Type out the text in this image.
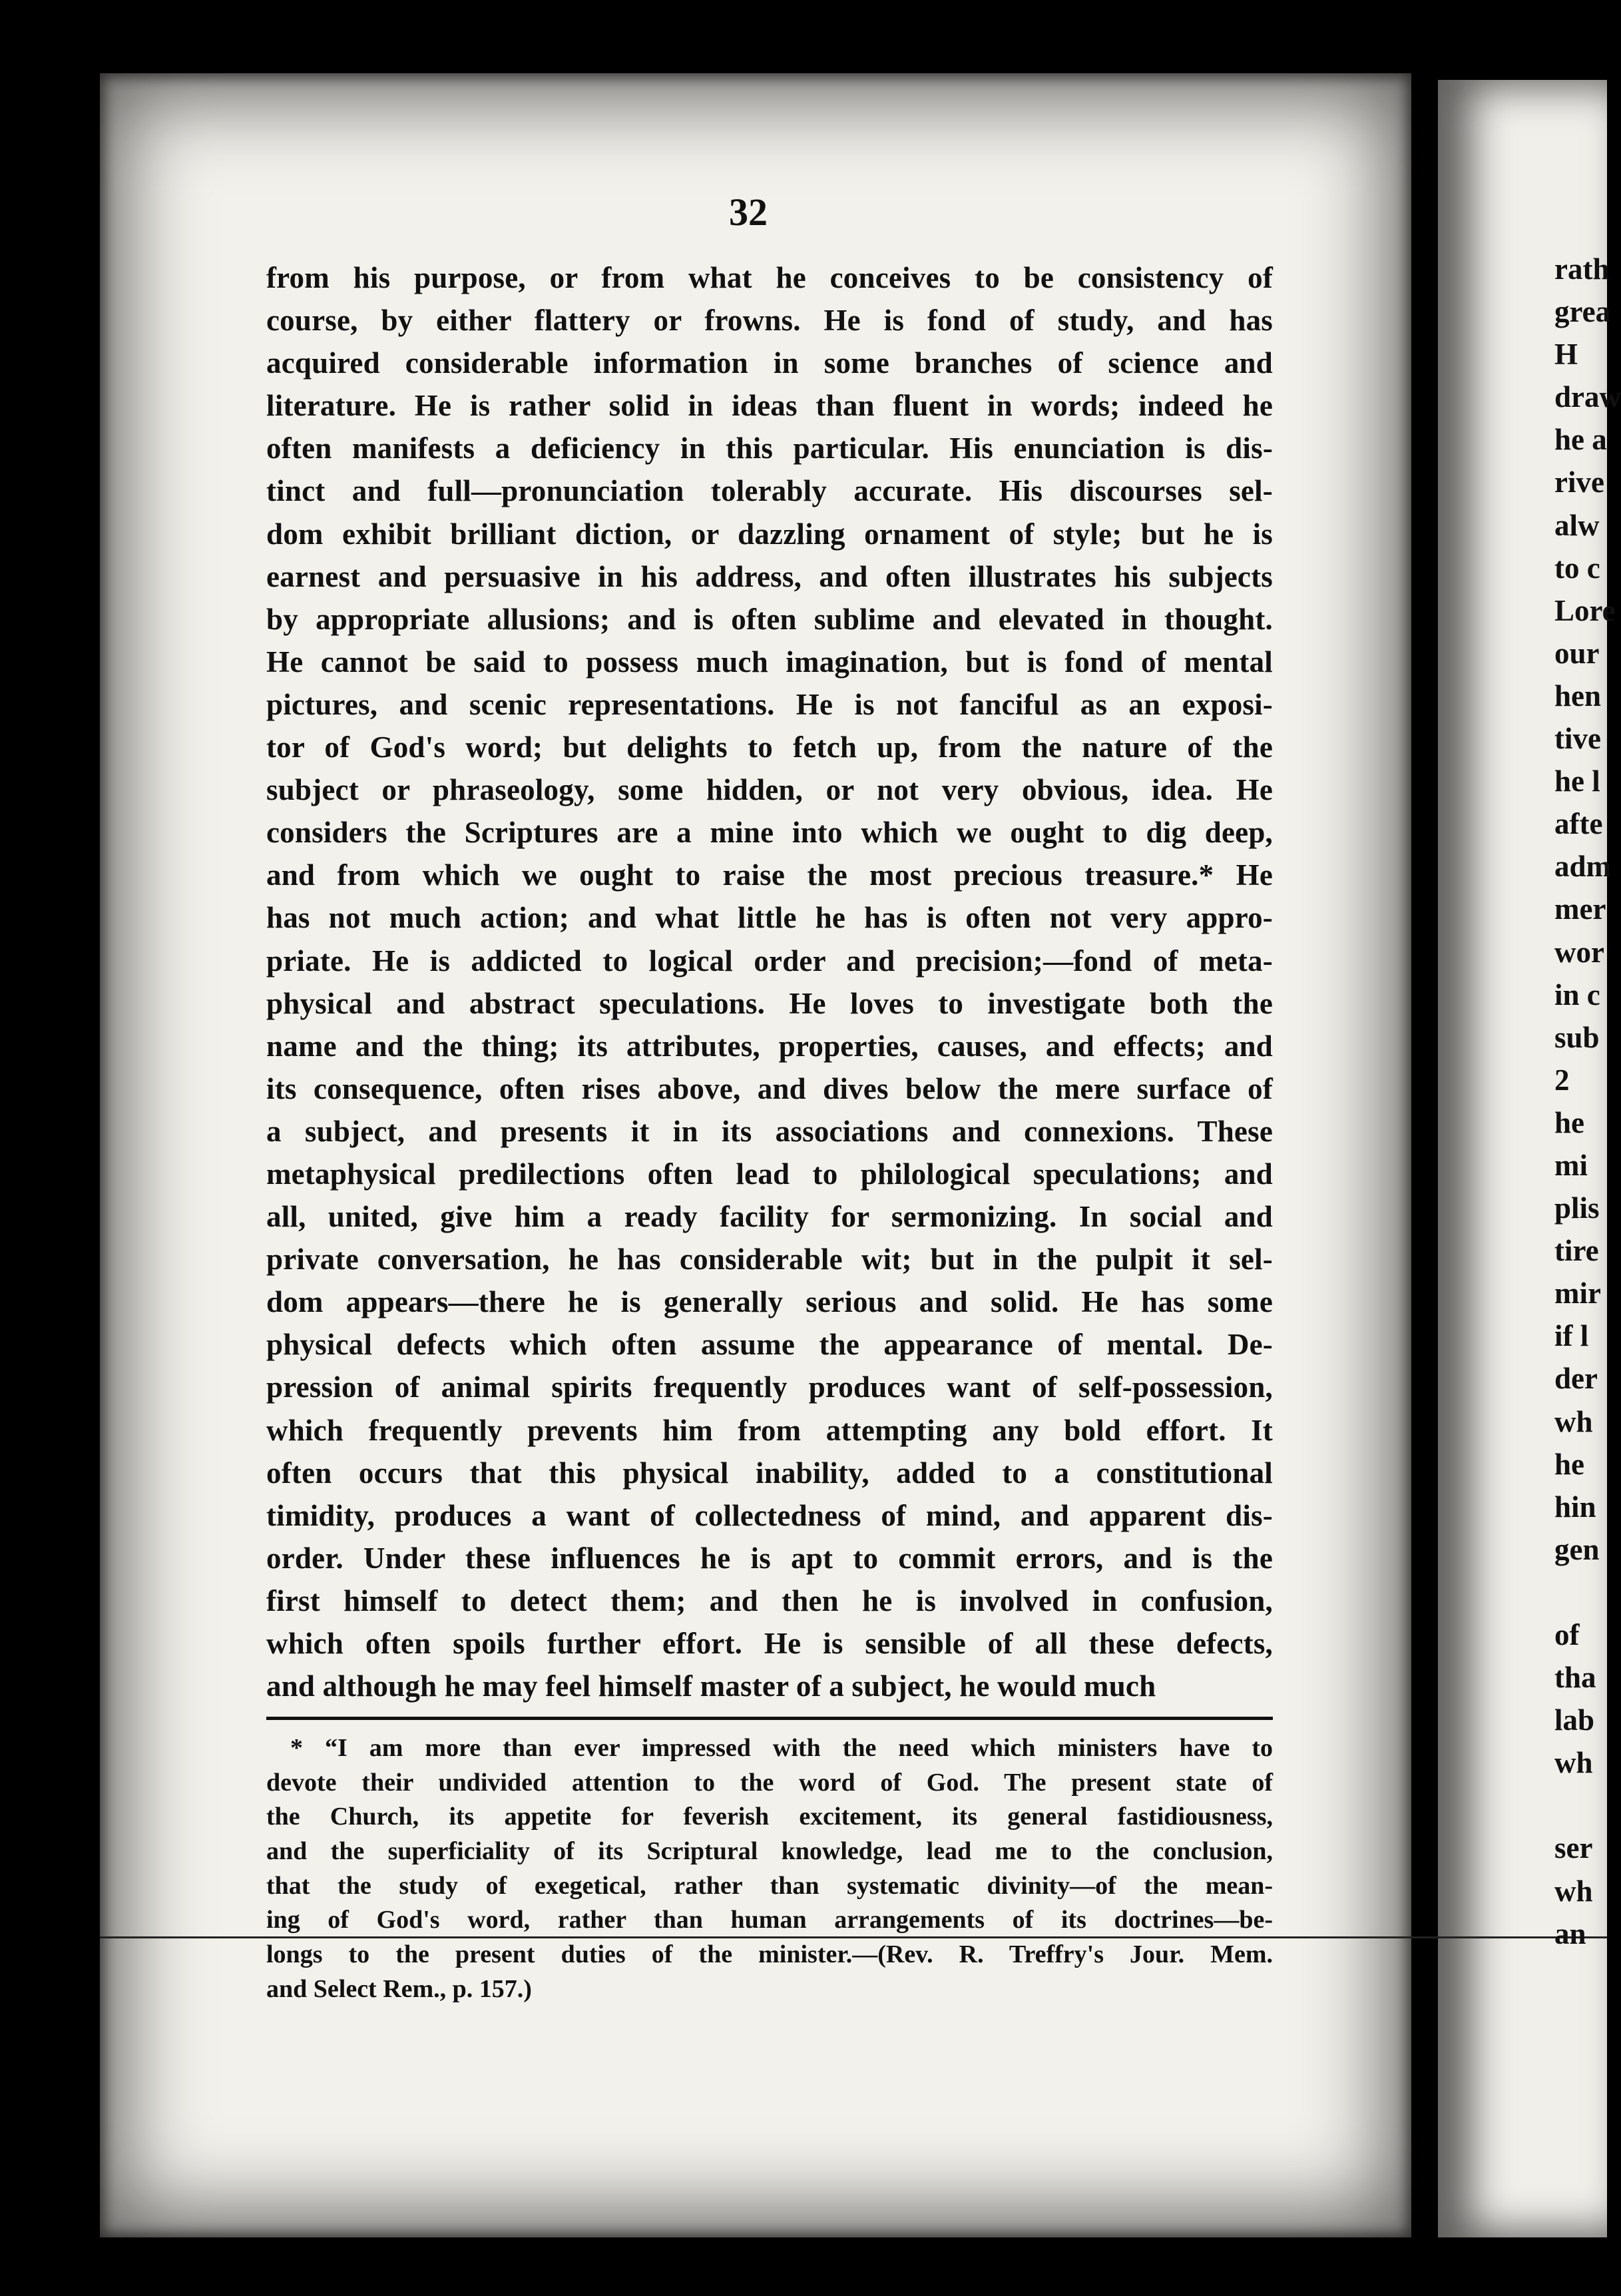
32
from his purpose, or from what he conceives to be consistency of
course, by either flattery or frowns. He is fond of study, and has
acquired considerable information in some branches of science and
literature. He is rather solid in ideas than fluent in words; indeed he
often manifests a deficiency in this particular. His enunciation is dis-
tinct and full—pronunciation tolerably accurate. His discourses sel-
dom exhibit brilliant diction, or dazzling ornament of style; but he is
earnest and persuasive in his address, and often illustrates his subjects
by appropriate allusions; and is often sublime and elevated in thought.
He cannot be said to possess much imagination, but is fond of mental
pictures, and scenic representations. He is not fanciful as an exposi-
tor of God's word; but delights to fetch up, from the nature of the
subject or phraseology, some hidden, or not very obvious, idea. He
considers the Scriptures are a mine into which we ought to dig deep,
and from which we ought to raise the most precious treasure.* He
has not much action; and what little he has is often not very appro-
priate. He is addicted to logical order and precision;—fond of meta-
physical and abstract speculations. He loves to investigate both the
name and the thing; its attributes, properties, causes, and effects; and
its consequence, often rises above, and dives below the mere surface of
a subject, and presents it in its associations and connexions. These
metaphysical predilections often lead to philological speculations; and
all, united, give him a ready facility for sermonizing. In social and
private conversation, he has considerable wit; but in the pulpit it sel-
dom appears—there he is generally serious and solid. He has some
physical defects which often assume the appearance of mental. De-
pression of animal spirits frequently produces want of self-possession,
which frequently prevents him from attempting any bold effort. It
often occurs that this physical inability, added to a constitutional
timidity, produces a want of collectedness of mind, and apparent dis-
order. Under these influences he is apt to commit errors, and is the
first himself to detect them; and then he is involved in confusion,
which often spoils further effort. He is sensible of all these defects,
and although he may feel himself master of a subject, he would much
* “I am more than ever impressed with the need which ministers have to
devote their undivided attention to the word of God. The present state of
the Church, its appetite for feverish excitement, its general fastidiousness,
and the superficiality of its Scriptural knowledge, lead me to the conclusion,
that the study of exegetical, rather than systematic divinity—of the mean-
ing of God's word, rather than human arrangements of its doctrines—be-
longs to the present duties of the minister.—(Rev. R. Treffry's Jour. Mem.
and Select Rem., p. 157.)
rath
grea
H
draw
he a
rive
alw
to c
Lore
our
hen
tive
he l
afte
adm
mer
wor
in c
sub
2
he
mi
plis
tire
mir
if l
der
wh
he
hin
gen
of
tha
lab
wh
ser
wh
an
